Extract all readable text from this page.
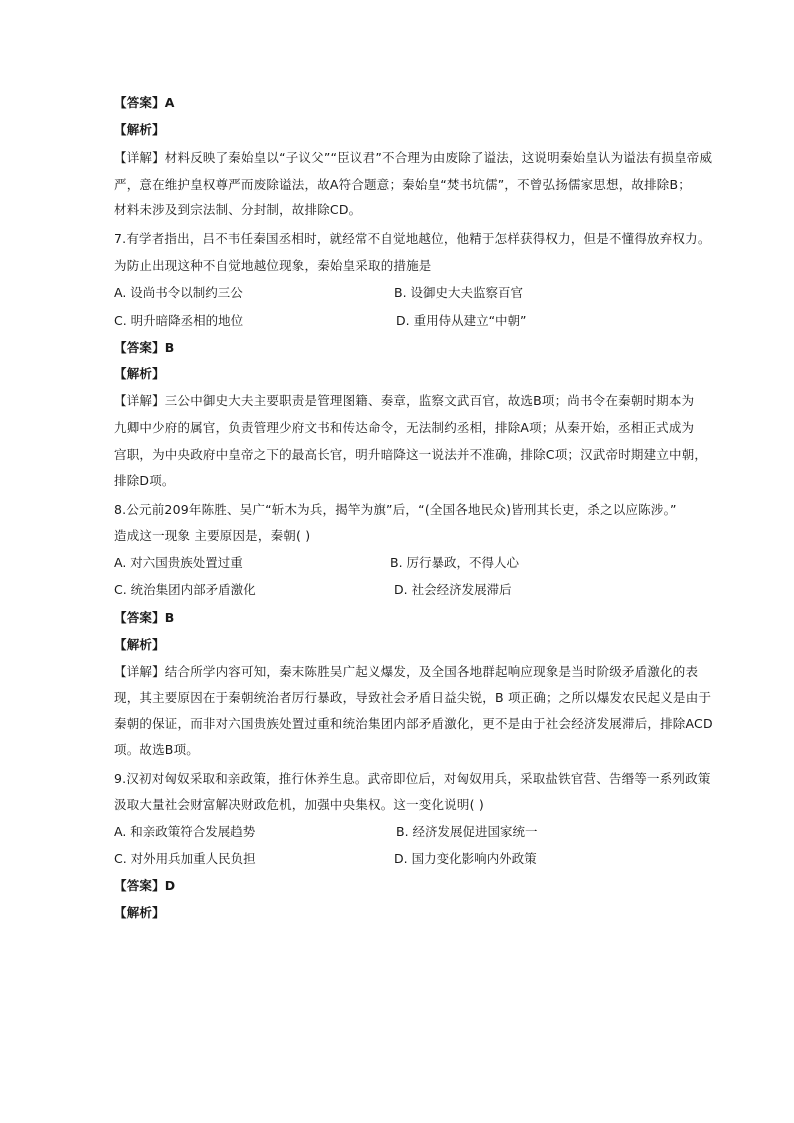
【答案】A
【解析】
【详解】材料反映了秦始皇以“子议父”“臣议君”不合理为由废除了谥法，这说明秦始皇认为谥法有损皇帝威
严，意在维护皇权尊严而废除谥法，故A符合题意；秦始皇“焚书坑儒”，不曾弘扬儒家思想，故排除B；
材料未涉及到宗法制、分封制，故排除CD。
7.有学者指出，吕不韦任秦国丞相时，就经常不自觉地越位，他精于怎样获得权力，但是不懂得放弃权力。
为防止出现这种不自觉地越位现象，秦始皇采取的措施是
A. 设尚书令以制约三公	B. 设御史大夫监察百官
C. 明升暗降丞相的地位	D. 重用侍从建立“中朝”
【答案】B
【解析】
【详解】三公中御史大夫主要职责是管理图籍、奏章，监察文武百官，故选B项；尚书令在秦朝时期本为
九卿中少府的属官，负责管理少府文书和传达命令，无法制约丞相，排除A项；从秦开始，丞相正式成为
宫职，为中央政府中皇帝之下的最高长官，明升暗降这一说法并不准确，排除C项；汉武帝时期建立中朝，
排除D项。
8.公元前209年陈胜、吴广“斩木为兵，揭竿为旗”后，“(全国各地民众)皆刑其长吏，杀之以应陈涉。”
造成这一现象 主要原因是，秦朝( )
A. 对六国贵族处置过重	B. 厉行暴政，不得人心
C. 统治集团内部矛盾激化	D. 社会经济发展滞后
【答案】B
【解析】
【详解】结合所学内容可知，秦末陈胜吴广起义爆发，及全国各地群起响应现象是当时阶级矛盾激化的表
现，其主要原因在于秦朝统治者厉行暴政，导致社会矛盾日益尖锐，B 项正确；之所以爆发农民起义是由于
秦朝的保证，而非对六国贵族处置过重和统治集团内部矛盾激化，更不是由于社会经济发展滞后，排除ACD
项。故选B项。
9.汉初对匈奴采取和亲政策，推行休养生息。武帝即位后，对匈奴用兵，采取盐铁官营、告缗等一系列政策
汲取大量社会财富解决财政危机，加强中央集权。这一变化说明( )
A. 和亲政策符合发展趋势	B. 经济发展促进国家统一
C. 对外用兵加重人民负担	D. 国力变化影响内外政策
【答案】D
【解析】
